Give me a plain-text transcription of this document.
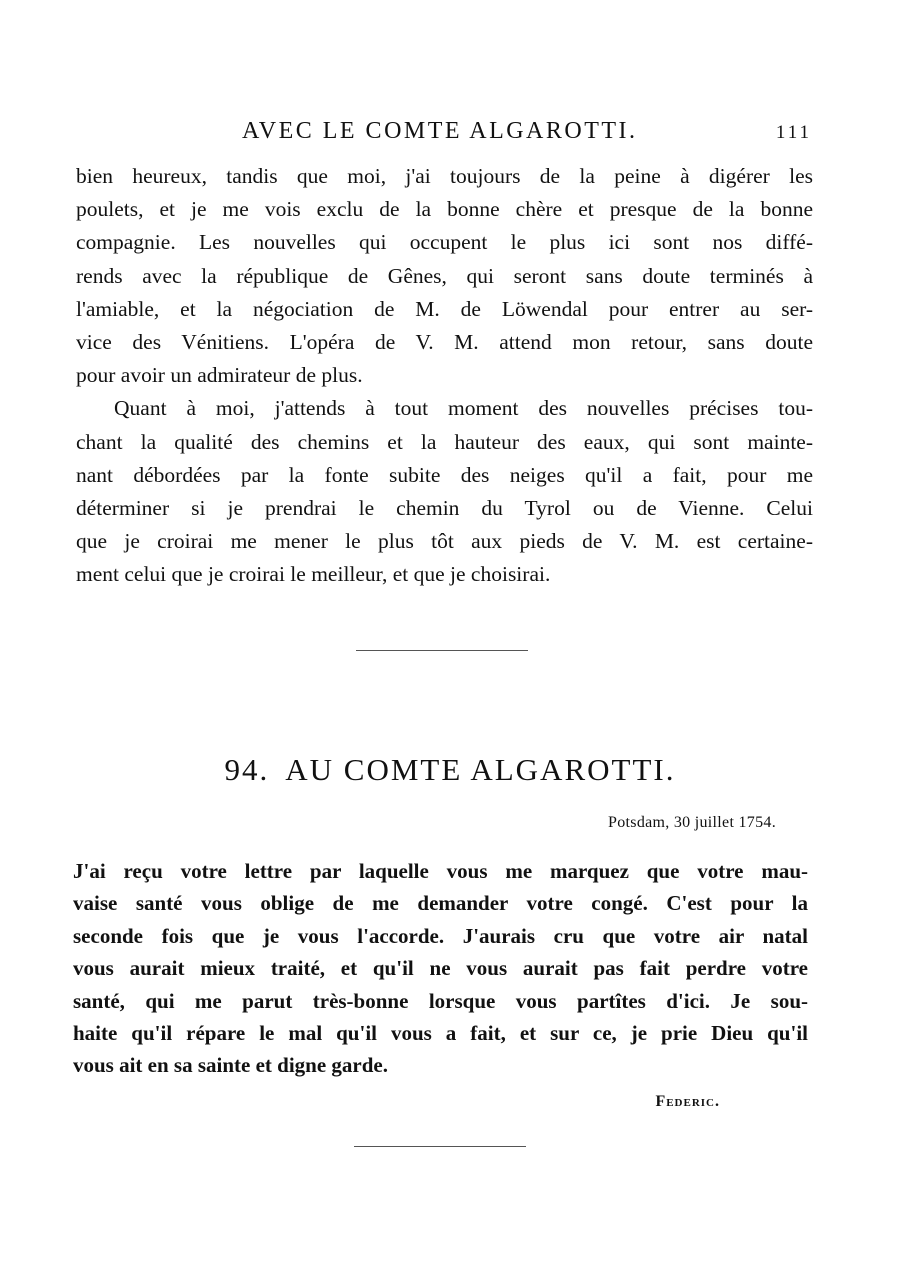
AVEC LE COMTE ALGAROTTI.	111
bien heureux, tandis que moi, j'ai toujours de la peine à digérer les
poulets, et je me vois exclu de la bonne chère et presque de la bonne
compagnie. Les nouvelles qui occupent le plus ici sont nos diffé-
rends avec la république de Gênes, qui seront sans doute terminés à
l'amiable, et la négociation de M. de Löwendal pour entrer au ser-
vice des Vénitiens. L'opéra de V. M. attend mon retour, sans doute
pour avoir un admirateur de plus.
Quant à moi, j'attends à tout moment des nouvelles précises tou-
chant la qualité des chemins et la hauteur des eaux, qui sont mainte-
nant débordées par la fonte subite des neiges qu'il a fait, pour me
déterminer si je prendrai le chemin du Tyrol ou de Vienne. Celui
que je croirai me mener le plus tôt aux pieds de V. M. est certaine-
ment celui que je croirai le meilleur, et que je choisirai.
94. AU COMTE ALGAROTTI.
Potsdam, 30 juillet 1754.
J'ai reçu votre lettre par laquelle vous me marquez que votre mau-
vaise santé vous oblige de me demander votre congé. C'est pour la
seconde fois que je vous l'accorde. J'aurais cru que votre air natal
vous aurait mieux traité, et qu'il ne vous aurait pas fait perdre votre
santé, qui me parut très-bonne lorsque vous partîtes d'ici. Je sou-
haite qu'il répare le mal qu'il vous a fait, et sur ce, je prie Dieu qu'il
vous ait en sa sainte et digne garde.
Federic.
